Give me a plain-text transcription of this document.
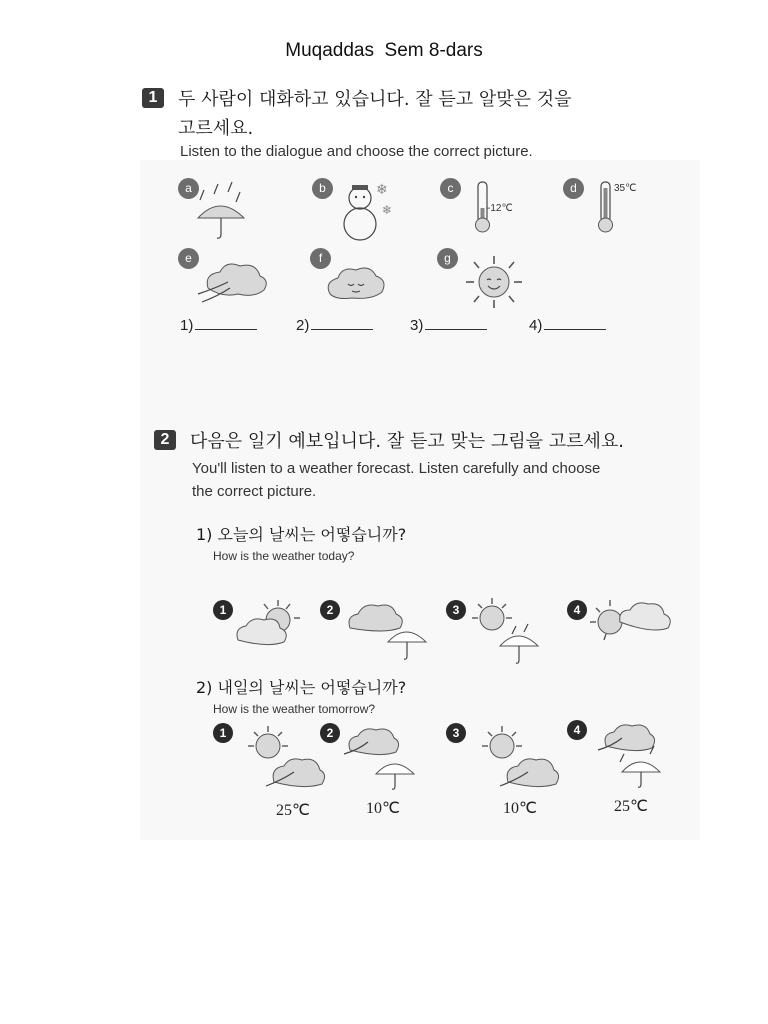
Muqaddas  Sem 8-dars
1	두 사람이 대화하고 있습니다. 잘 듣고 알맞은 것을
고르세요.
Listen to the dialogue and choose the correct picture.
a	b	❄
❄
c
-12℃
d	35℃
e	f	g
1)	2)	3)	4)
2	다음은 일기 예보입니다. 잘 듣고 맞는 그림을 고르세요.
You'll listen to a weather forecast. Listen carefully and choose
the correct picture.
1) 오늘의 날씨는 어떻습니까?
How is the weather today?
1	2	3	4
2) 내일의 날씨는 어떻습니까?
How is the weather tomorrow?
1
25℃
2
10℃
3
10℃
4
25℃
